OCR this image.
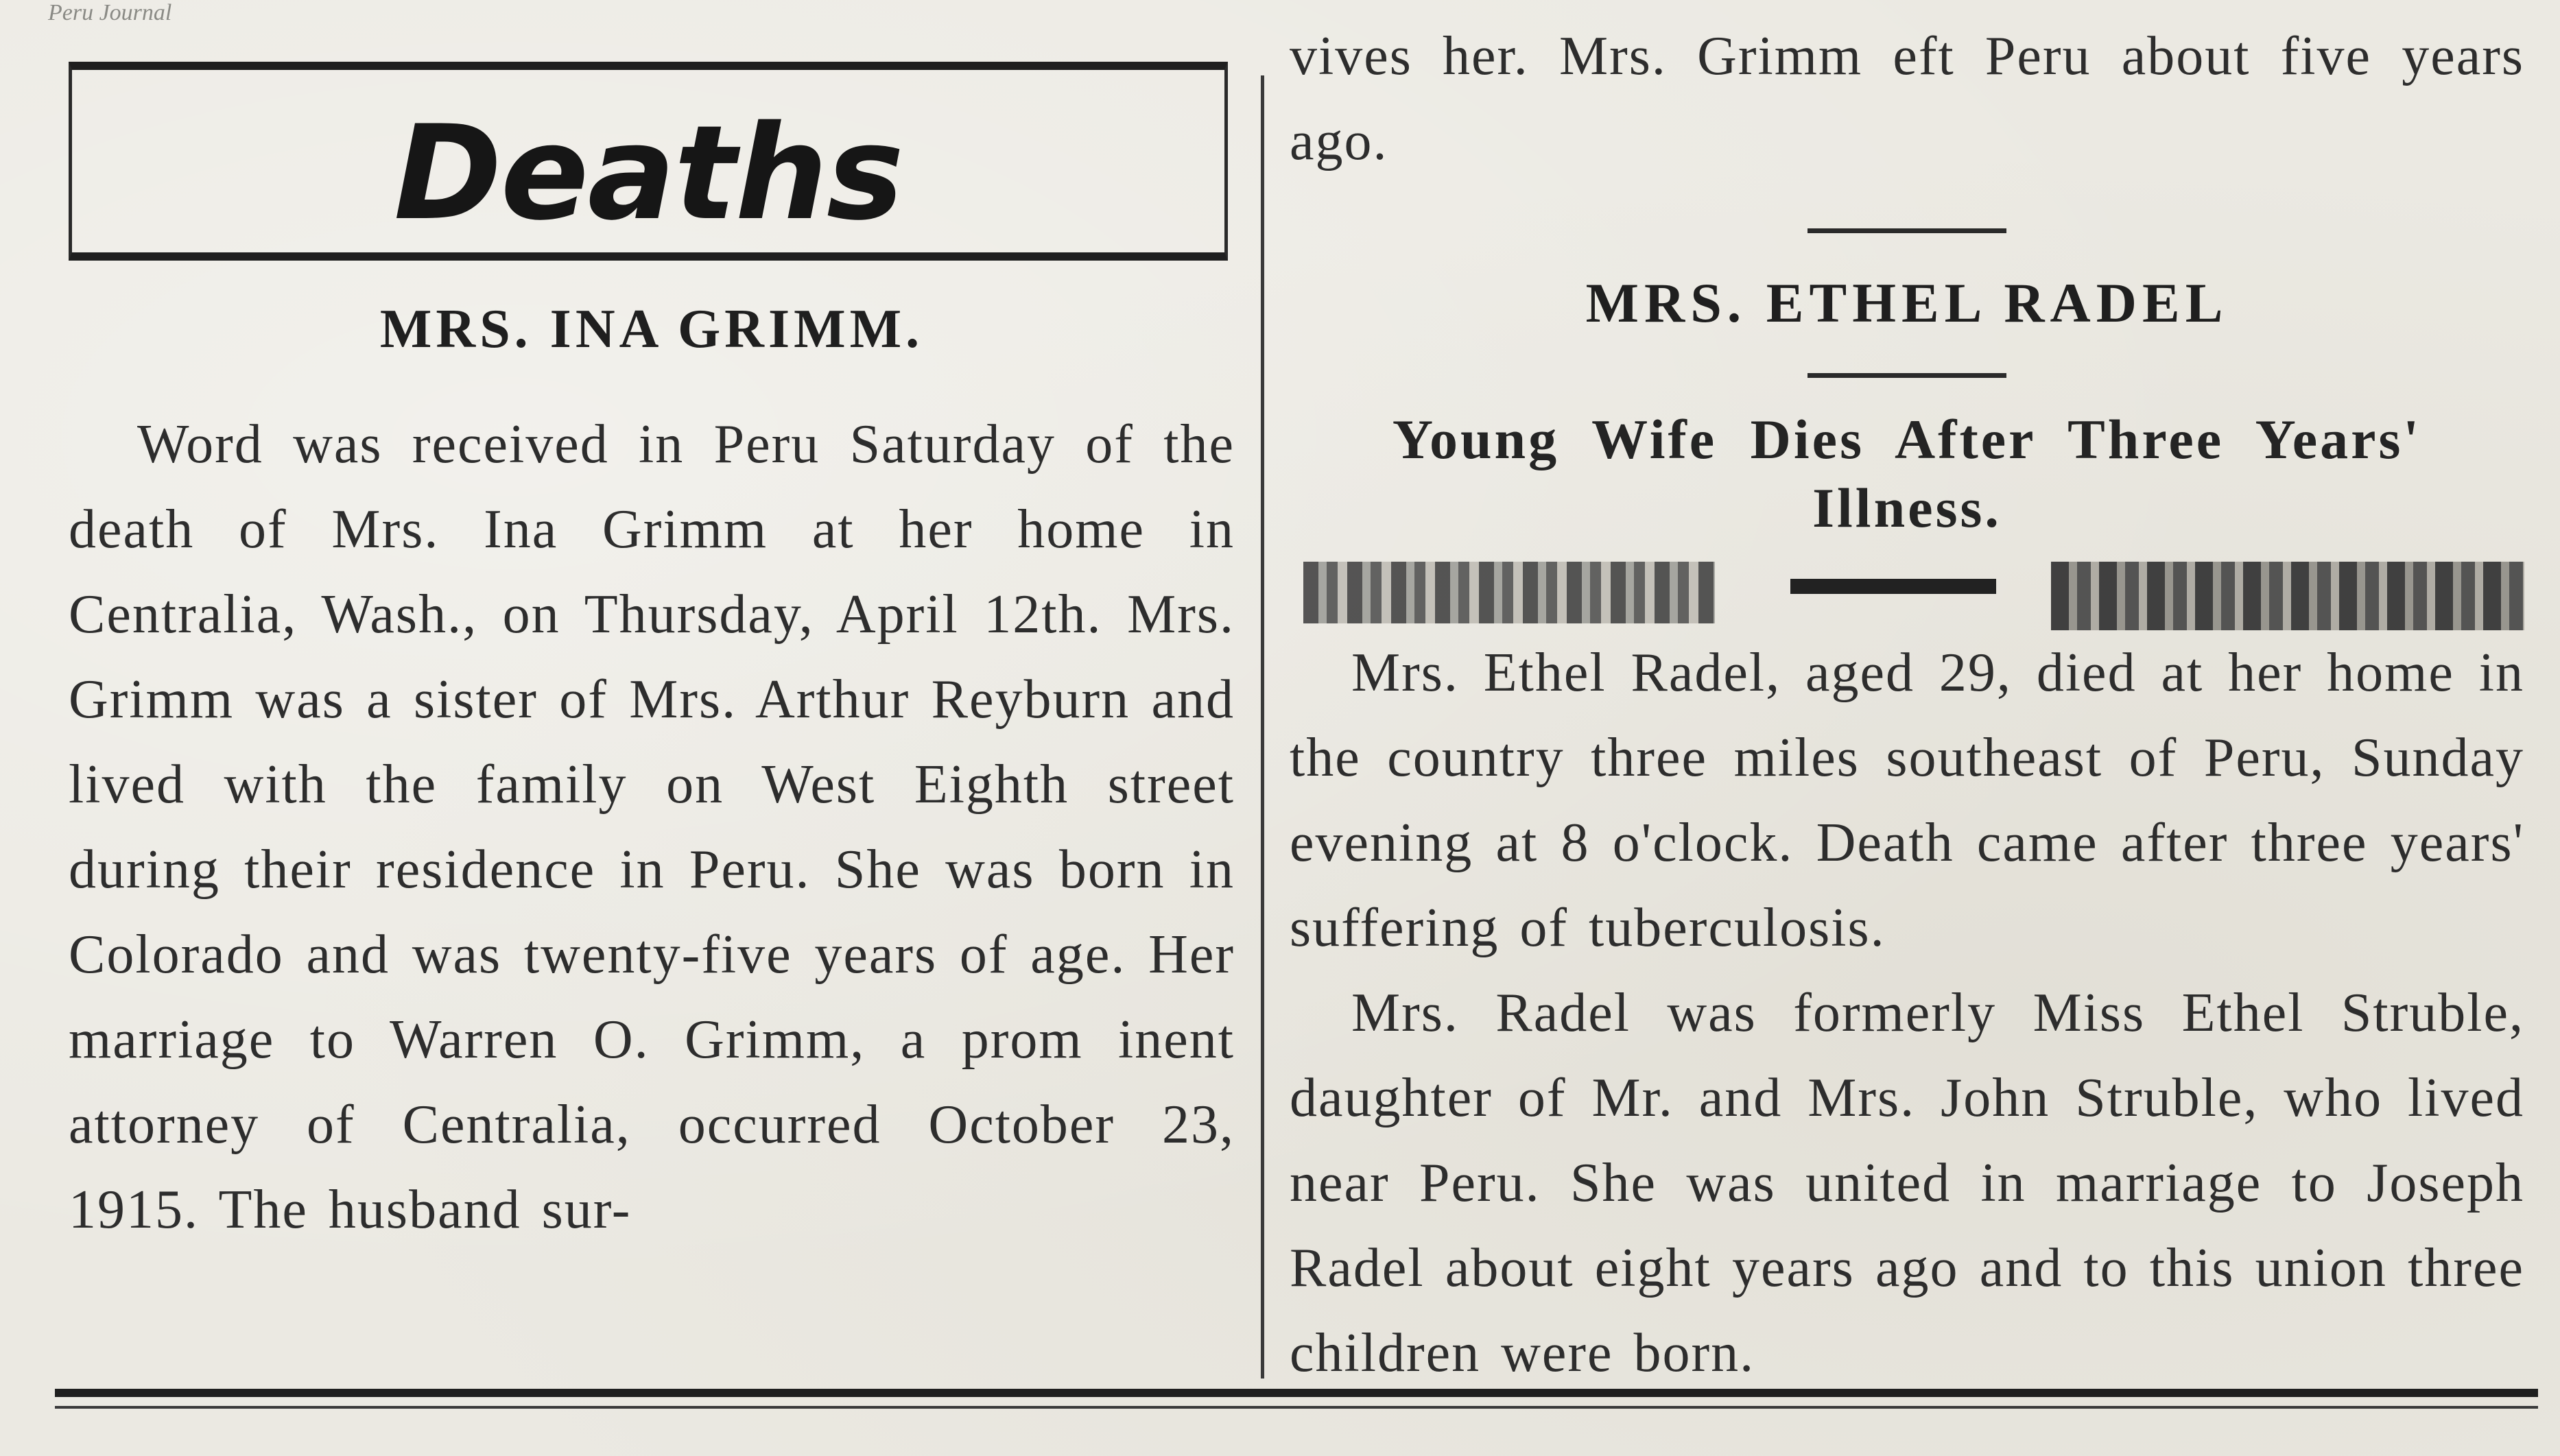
Peru Journal
Deaths
MRS. INA GRIMM.
Word was received in Peru Saturday of the death of Mrs. Ina Grimm at her home in Centralia, Wash., on Thursday, April 12th. Mrs. Grimm was a sister of Mrs. Arthur Reyburn and lived with the family on West Eighth street during their residence in Peru. She was born in Colorado and was twenty-five years of age. Her marriage to Warren O. Grimm, a prom inent attorney of Centralia, occurred October 23, 1915. The husband sur-
vives her. Mrs. Grimm eft Peru about five years ago.
MRS. ETHEL RADEL
Young Wife Dies After Three Years' Illness.
Mrs. Ethel Radel, aged 29, died at her home in the country three miles southeast of Peru, Sunday evening at 8 o'clock. Death came after three years' suffering of tuberculosis.
Mrs. Radel was formerly Miss Ethel Struble, daughter of Mr. and Mrs. John Struble, who lived near Peru. She was united in marriage to Joseph Radel about eight years ago and to this union three children were born.
